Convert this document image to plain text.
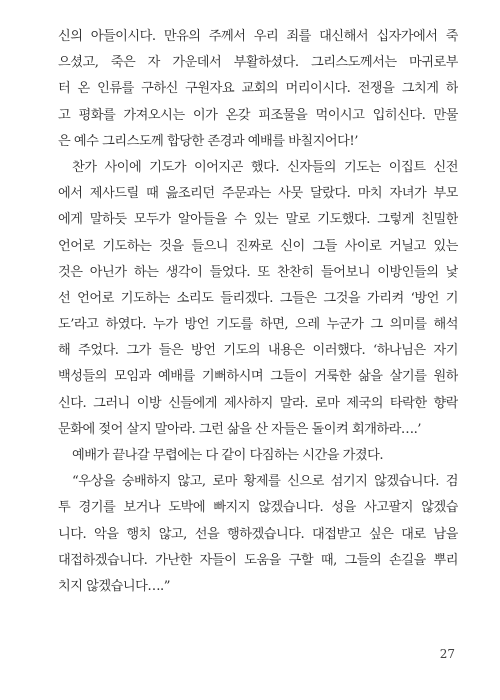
신의 아들이시다. 만유의 주께서 우리 죄를 대신해서 십자가에서 죽
으셨고, 죽은 자 가운데서 부활하셨다. 그리스도께서는 마귀로부
터 온 인류를 구하신 구원자요 교회의 머리이시다. 전쟁을 그치게 하
고 평화를 가져오시는 이가 온갖 피조물을 먹이시고 입히신다. 만물
은 예수 그리스도께 합당한 존경과 예배를 바칠지어다!’
찬가 사이에 기도가 이어지곤 했다. 신자들의 기도는 이집트 신전
에서 제사드릴 때 읊조리던 주문과는 사뭇 달랐다. 마치 자녀가 부모
에게 말하듯 모두가 알아들을 수 있는 말로 기도했다. 그렇게 친밀한
언어로 기도하는 것을 들으니 진짜로 신이 그들 사이로 거닐고 있는
것은 아닌가 하는 생각이 들었다. 또 찬찬히 들어보니 이방인들의 낯
선 언어로 기도하는 소리도 들리겠다. 그들은 그것을 가리켜 ‘방언 기
도’라고 하였다. 누가 방언 기도를 하면, 으레 누군가 그 의미를 해석
해 주었다. 그가 들은 방언 기도의 내용은 이러했다. ‘하나님은 자기
백성들의 모임과 예배를 기뻐하시며 그들이 거룩한 삶을 살기를 원하
신다. 그러니 이방 신들에게 제사하지 말라. 로마 제국의 타락한 향락
문화에 젖어 살지 말아라. 그런 삶을 산 자들은 돌이켜 회개하라….’
예배가 끝나갈 무렵에는 다 같이 다짐하는 시간을 가졌다.
“우상을 숭배하지 않고, 로마 황제를 신으로 섬기지 않겠습니다. 검
투 경기를 보거나 도박에 빠지지 않겠습니다. 성을 사고팔지 않겠습
니다. 악을 행치 않고, 선을 행하겠습니다. 대접받고 싶은 대로 남을
대접하겠습니다. 가난한 자들이 도움을 구할 때, 그들의 손길을 뿌리
치지 않겠습니다….”
27
